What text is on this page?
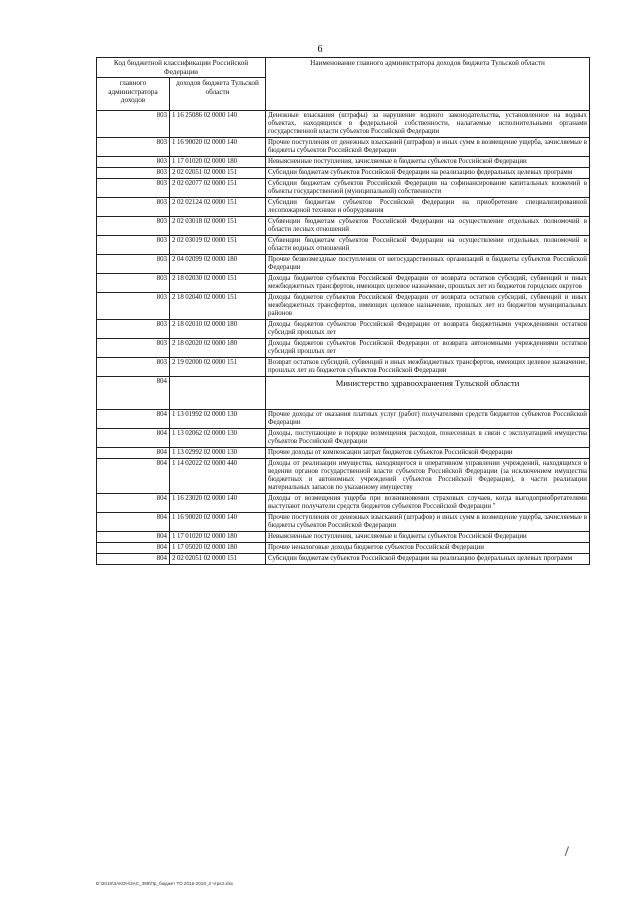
6
Код бюджетной классификации Российской Федерации		Наименование главного администратора доходов бюджета Тульской области
главного администратора доходов	доходов бюджета Тульской области	
803	1 16 25086 02 0000 140	Денежные взыскания (штрафы) за нарушение водного законодательства, установленное на водных объектах, находящихся в федеральной собственности, налагаемые исполнительными органами государственной власти субъектов Российской Федерации
803	1 16 90020 02 0000 140	Прочие поступления от денежных взысканий (штрафов) и иных сумм в возмещение ущерба, зачисляемые в бюджеты субъектов Российской Федерации
803	1 17 01020 02 0000 180	Невыясненные поступления, зачисляемые в бюджеты субъектов Российской Федерации
803	2 02 02051 02 0000 151	Субсидии бюджетам субъектов Российской Федерации на реализацию федеральных целевых программ
803	2 02 02077 02 0000 151	Субсидии бюджетам субъектов Российской Федерации на софинансирование капитальных вложений в объекты государственной (муниципальной) собственности
803	2 02 02124 02 0000 151	Субсидии бюджетам субъектов Российской Федерации на приобретение специализированной лесопожарной техники и оборудования
803	2 02 03018 02 0000 151	Субвенции бюджетам субъектов Российской Федерации на осуществление отдельных полномочий в области лесных отношений
803	2 02 03019 02 0000 151	Субвенции бюджетам субъектов Российской Федерации на осуществление отдельных полномочий в области водных отношений
803	2 04 02099 02 0000 180	Прочие безвозмездные поступления от негосударственных организаций в бюджеты субъектов Российской Федерации
803	2 18 02030 02 0000 151	Доходы бюджетов субъектов Российской Федерации от возврата остатков субсидий, субвенций и иных межбюджетных трансфертов, имеющих целевое назначение, прошлых лет из бюджетов городских округов
803	2 18 02040 02 0000 151	Доходы бюджетов субъектов Российской Федерации от возврата остатков субсидий, субвенций и иных межбюджетных трансфертов, имеющих целевое назначение, прошлых лет из бюджетов муниципальных районов
803	2 18 02010 02 0000 180	Доходы бюджетов субъектов Российской Федерации от возврата бюджетными учреждениями остатков субсидий прошлых лет
803	2 18 02020 02 0000 180	Доходы бюджетов субъектов Российской Федерации от возврата автономными учреждениями остатков субсидий прошлых лет
803	2 19 02000 02 0000 151	Возврат остатков субсидий, субвенций и иных межбюджетных трансфертов, имеющих целевое назначение, прошлых лет из бюджетов субъектов Российской Федерации
804		Министерство здравоохранения Тульской области
804	1 13 01992 02 0000 130	Прочие доходы от оказания платных услуг (работ) получателями средств бюджетов субъектов Российской Федерации
804	1 13 02062 02 0000 130	Доходы, поступающие в порядке возмещения расходов, понесенных в связи с эксплуатацией имущества субъектов Российской Федерации
804	1 13 02992 02 0000 130	Прочие доходы от компенсации затрат бюджетов субъектов Российской Федерации
804	1 14 02022 02 0000 440	Доходы от реализации имущества, находящегося в оперативном управлении учреждений, находящихся в ведении органов государственной власти субъектов Российской Федерации (за исключением имущества бюджетных и автономных учреждений субъектов Российской Федерации), в части реализации материальных запасов по указанному имуществу
804	1 16 23020 02 0000 140	Доходы от возмещения ущерба при возникновении страховых случаев, когда выгодоприобретателями выступают получатели средств бюджетов субъектов Российской Федерации "
804	1 16 90020 02 0000 140	Прочие поступления от денежных взысканий (штрафов) и иных сумм в возмещение ущерба, зачисляемые в бюджеты субъектов Российской Федерации
804	1 17 01020 02 0000 180	Невыясненные поступления, зачисляемые в бюджеты субъектов Российской Федерации
804	1 17 05020 02 0000 180	Прочие неналоговые доходы бюджетов субъектов Российской Федерации
804	2 02 02051 02 0000 151	Субсидии бюджетам субъектов Российской Федерации на реализацию федеральных целевых программ
D:\2016\ЗАКОН\ЗАС_399\Пр_бюджет ТО 2016-2018_2 чтрк3.xlsx
